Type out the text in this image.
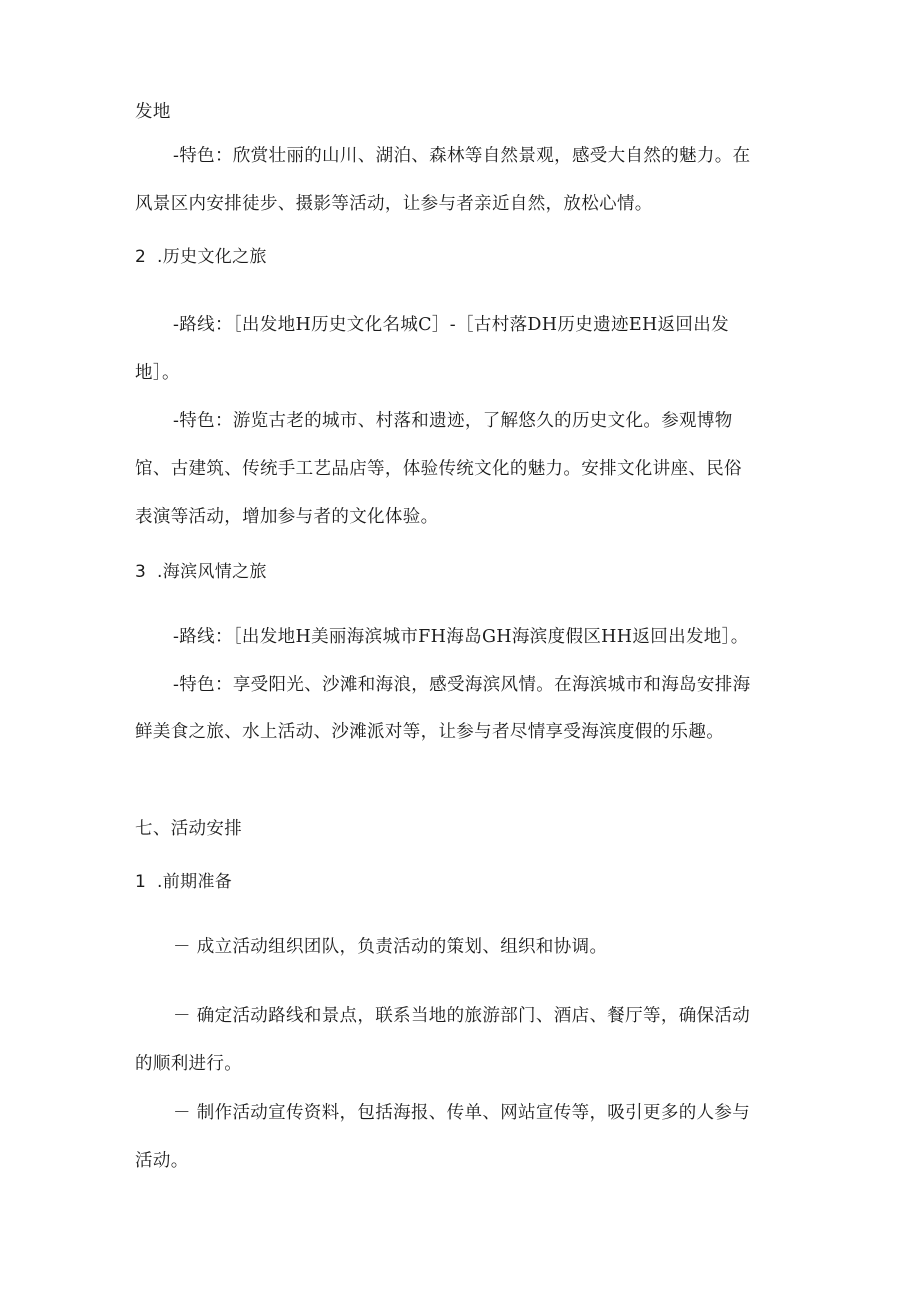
发地
-特色：欣赏壮丽的山川、湖泊、森林等自然景观，感受大自然的魅力。在
风景区内安排徒步、摄影等活动，让参与者亲近自然，放松心情。
2 .历史文化之旅
-路线：［出发地H历史文化名城C］-［古村落DH历史遗迹EH返回出发
地］。
-特色：游览古老的城市、村落和遗迹，了解悠久的历史文化。参观博物
馆、古建筑、传统手工艺品店等，体验传统文化的魅力。安排文化讲座、民俗
表演等活动，增加参与者的文化体验。
3 .海滨风情之旅
-路线：［出发地H美丽海滨城市FH海岛GH海滨度假区HH返回出发地］。
-特色：享受阳光、沙滩和海浪，感受海滨风情。在海滨城市和海岛安排海
鲜美食之旅、水上活动、沙滩派对等，让参与者尽情享受海滨度假的乐趣。
七、活动安排
1 .前期准备
－ 成立活动组织团队，负责活动的策划、组织和协调。
－ 确定活动路线和景点，联系当地的旅游部门、酒店、餐厅等，确保活动
的顺利进行。
－ 制作活动宣传资料，包括海报、传单、网站宣传等，吸引更多的人参与
活动。
